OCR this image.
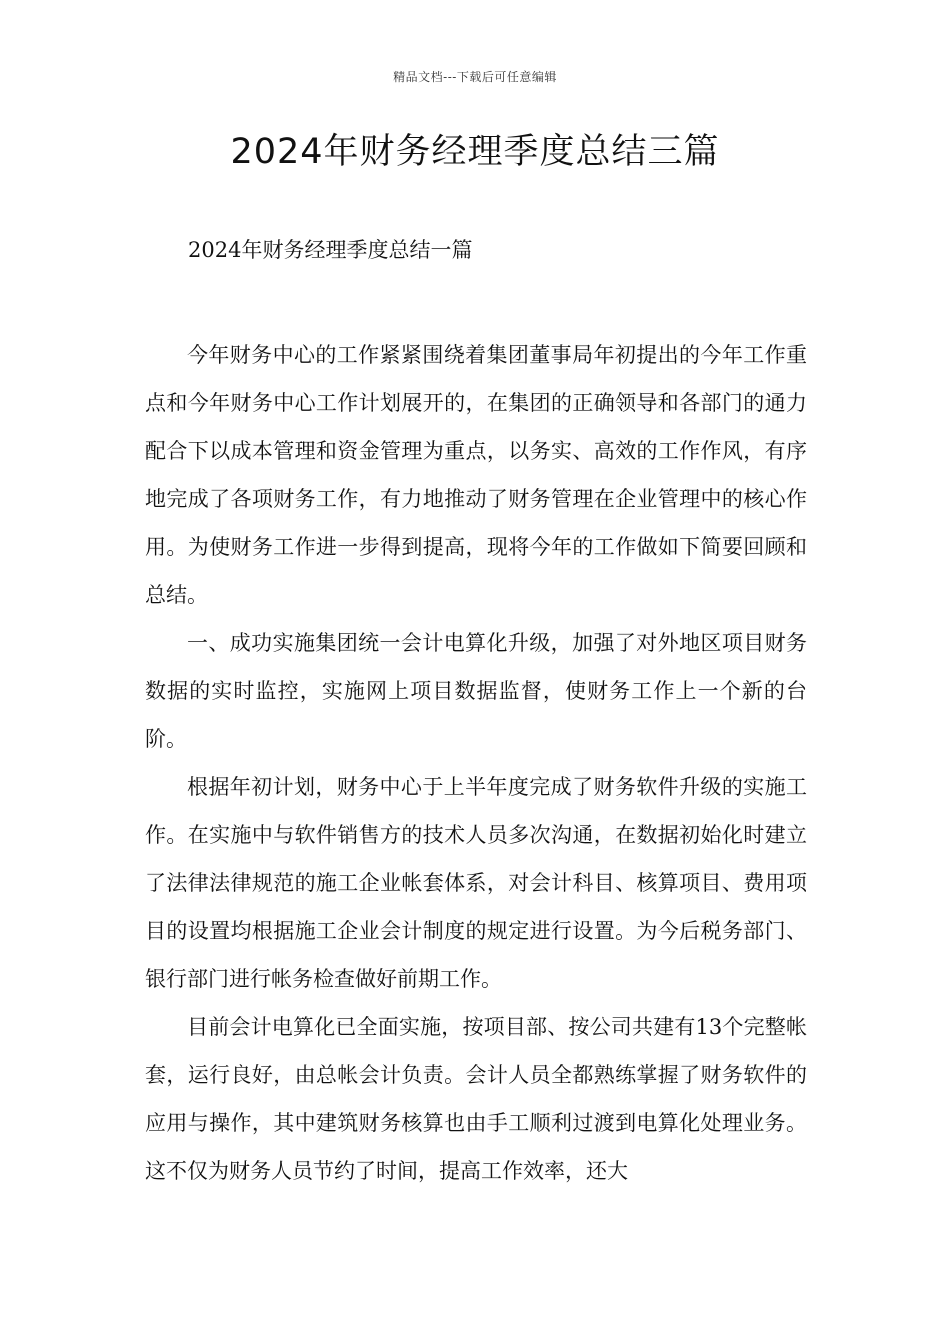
精品文档---下载后可任意编辑
2024年财务经理季度总结三篇
2024年财务经理季度总结一篇

今年财务中心的工作紧紧围绕着集团董事局年初提出的今年工作重点和今年财务中心工作计划展开的，在集团的正确领导和各部门的通力配合下以成本管理和资金管理为重点，以务实、高效的工作作风，有序地完成了各项财务工作，有力地推动了财务管理在企业管理中的核心作用。为使财务工作进一步得到提高，现将今年的工作做如下简要回顾和总结。

一、成功实施集团统一会计电算化升级，加强了对外地区项目财务数据的实时监控，实施网上项目数据监督，使财务工作上一个新的台阶。

根据年初计划，财务中心于上半年度完成了财务软件升级的实施工作。在实施中与软件销售方的技术人员多次沟通，在数据初始化时建立了法律法律规范的施工企业帐套体系，对会计科目、核算项目、费用项目的设置均根据施工企业会计制度的规定进行设置。为今后税务部门、银行部门进行帐务检查做好前期工作。

目前会计电算化已全面实施，按项目部、按公司共建有13个完整帐套，运行良好，由总帐会计负责。会计人员全都熟练掌握了财务软件的应用与操作，其中建筑财务核算也由手工顺利过渡到电算化处理业务。这不仅为财务人员节约了时间，提高工作效率，还大
